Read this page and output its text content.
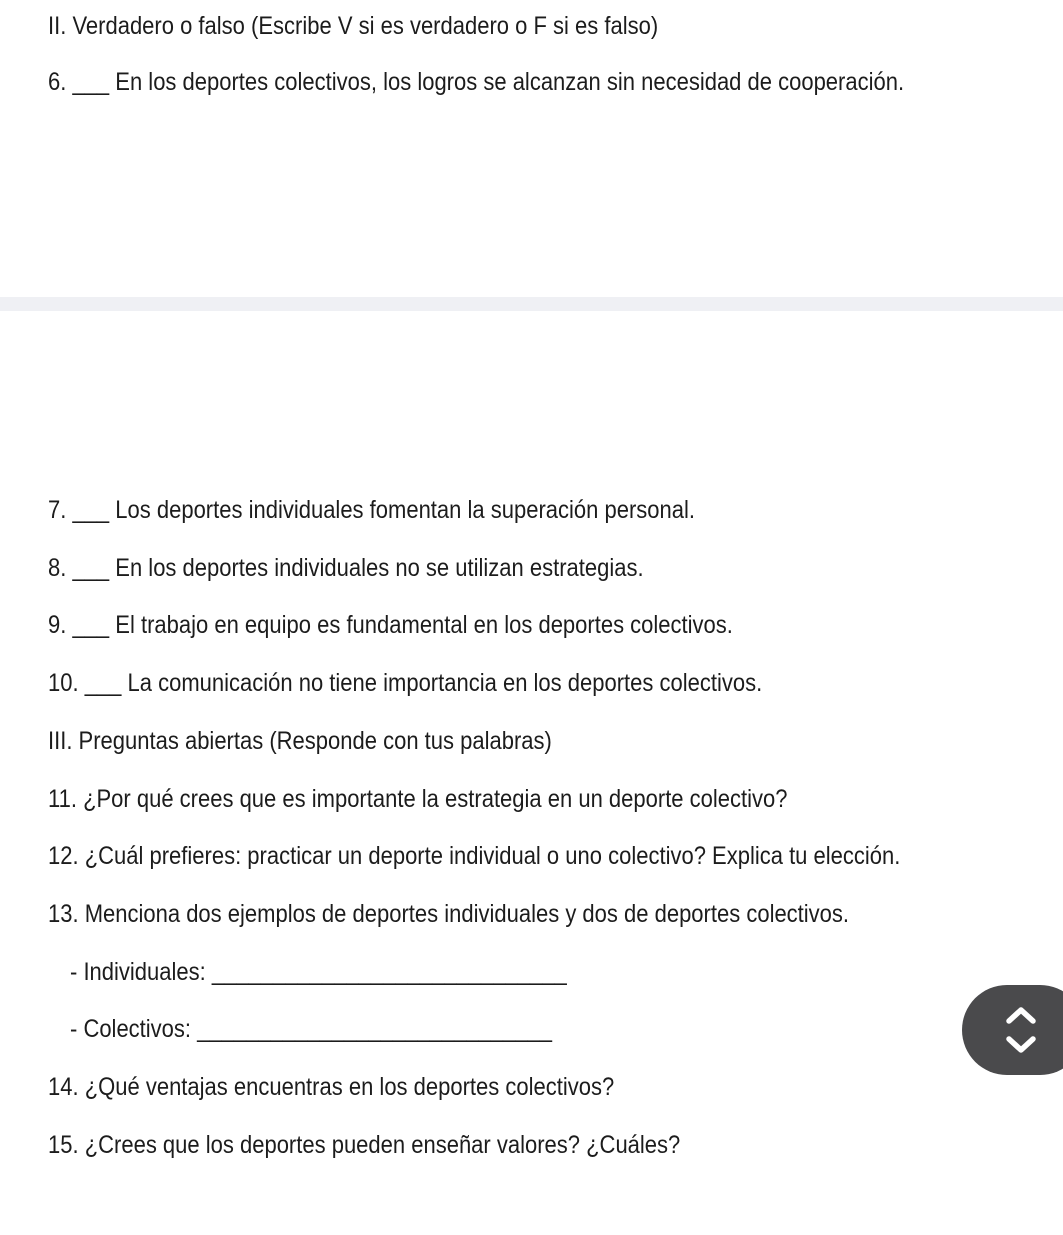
II. Verdadero o falso (Escribe V si es verdadero o F si es falso)
6. ___ En los deportes colectivos, los logros se alcanzan sin necesidad de cooperación.
7. ___ Los deportes individuales fomentan la superación personal.
8. ___ En los deportes individuales no se utilizan estrategias.
9. ___ El trabajo en equipo es fundamental en los deportes colectivos.
10. ___ La comunicación no tiene importancia en los deportes colectivos.
III. Preguntas abiertas (Responde con tus palabras)
11. ¿Por qué crees que es importante la estrategia en un deporte colectivo?
12. ¿Cuál prefieres: practicar un deporte individual o uno colectivo? Explica tu elección.
13. Menciona dos ejemplos de deportes individuales y dos de deportes colectivos.
- Individuales: _____________________________
- Colectivos: _____________________________
14. ¿Qué ventajas encuentras en los deportes colectivos?
15. ¿Crees que los deportes pueden enseñar valores? ¿Cuáles?
